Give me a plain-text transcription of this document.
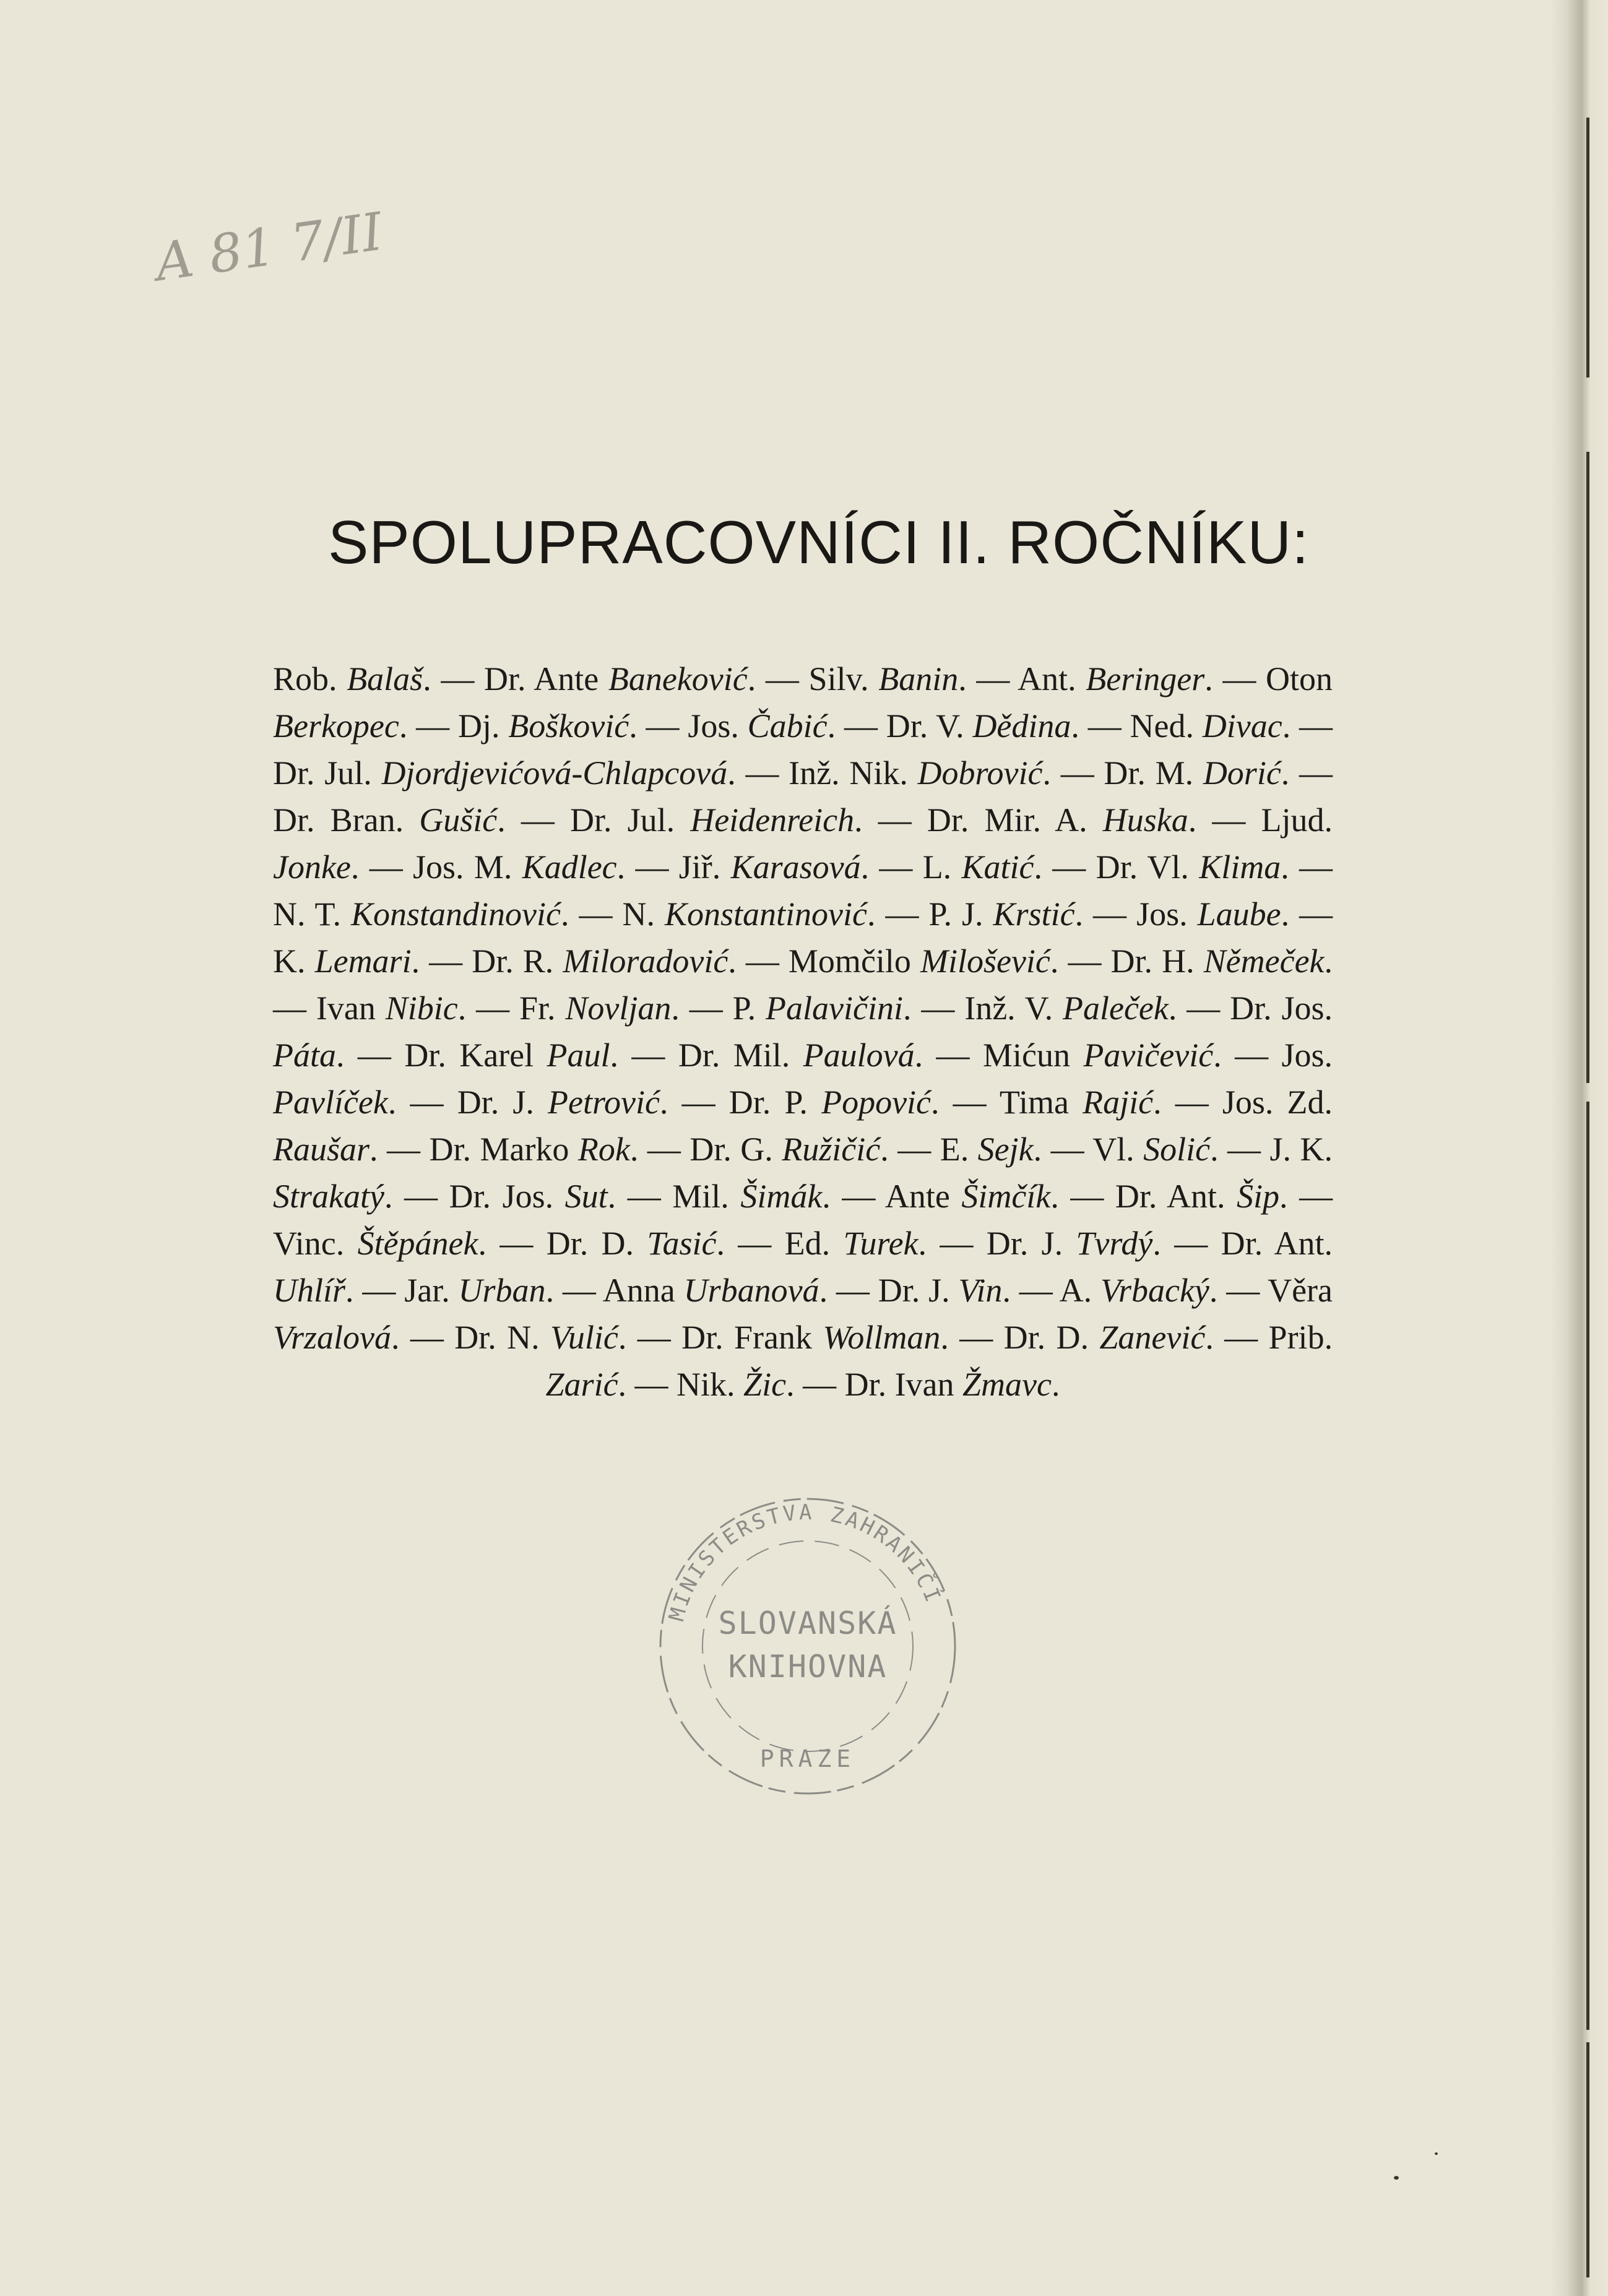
A 81 7/II
SPOLUPRACOVNÍCI II. ROČNÍKU:

Rob. Balaš. — Dr. Ante Baneković. — Silv. Banin. — Ant. Beringer. — Oton Berkopec. — Dj. Bošković. — Jos. Čabić. — Dr. V. Dědina. — Ned. Divac. — Dr. Jul. Djordjevićová-Chlapcová. — Inž. Nik. Dobrović. — Dr. M. Dorić. — Dr. Bran. Gušić. — Dr. Jul. Heidenreich. — Dr. Mir. A. Huska. — Ljud. Jonke. — Jos. M. Kadlec. — Jiř. Karasová. — L. Katić. — Dr. Vl. Klima. — N. T. Konstandinović. — N. Konstantinović. — P. J. Krstić. — Jos. Laube. — K. Lemari. — Dr. R. Miloradović. — Momčilo Milošević. — Dr. H. Němeček. — Ivan Nibic. — Fr. Novljan. — P. Palavičini. — Inž. V. Paleček. — Dr. Jos. Páta. — Dr. Karel Paul. — Dr. Mil. Paulová. — Mićun Pavičević. — Jos. Pavlíček. — Dr. J. Petrović. — Dr. P. Popović. — Tima Rajić. — Jos. Zd. Raušar. — Dr. Marko Rok. — Dr. G. Ružičić. — E. Sejk. — Vl. Solić. — J. K. Strakatý. — Dr. Jos. Sut. — Mil. Šimák. — Ante Šimčík. — Dr. Ant. Šip. — Vinc. Štěpánek. — Dr. D. Tasić. — Ed. Turek. — Dr. J. Tvrdý. — Dr. Ant. Uhlíř. — Jar. Urban. — Anna Urbanová. — Dr. J. Vin. — A. Vrbacký. — Věra Vrzalová. — Dr. N. Vulić. — Dr. Frank Wollman. — Dr. D. Zanević. — Prib. Zarić. — Nik. Žic. — Dr. Ivan Žmavc.

MINISTERSTVA ZAHRANIČÍ
SLOVANSKÁ
KNIHOVNA
PRAZE
